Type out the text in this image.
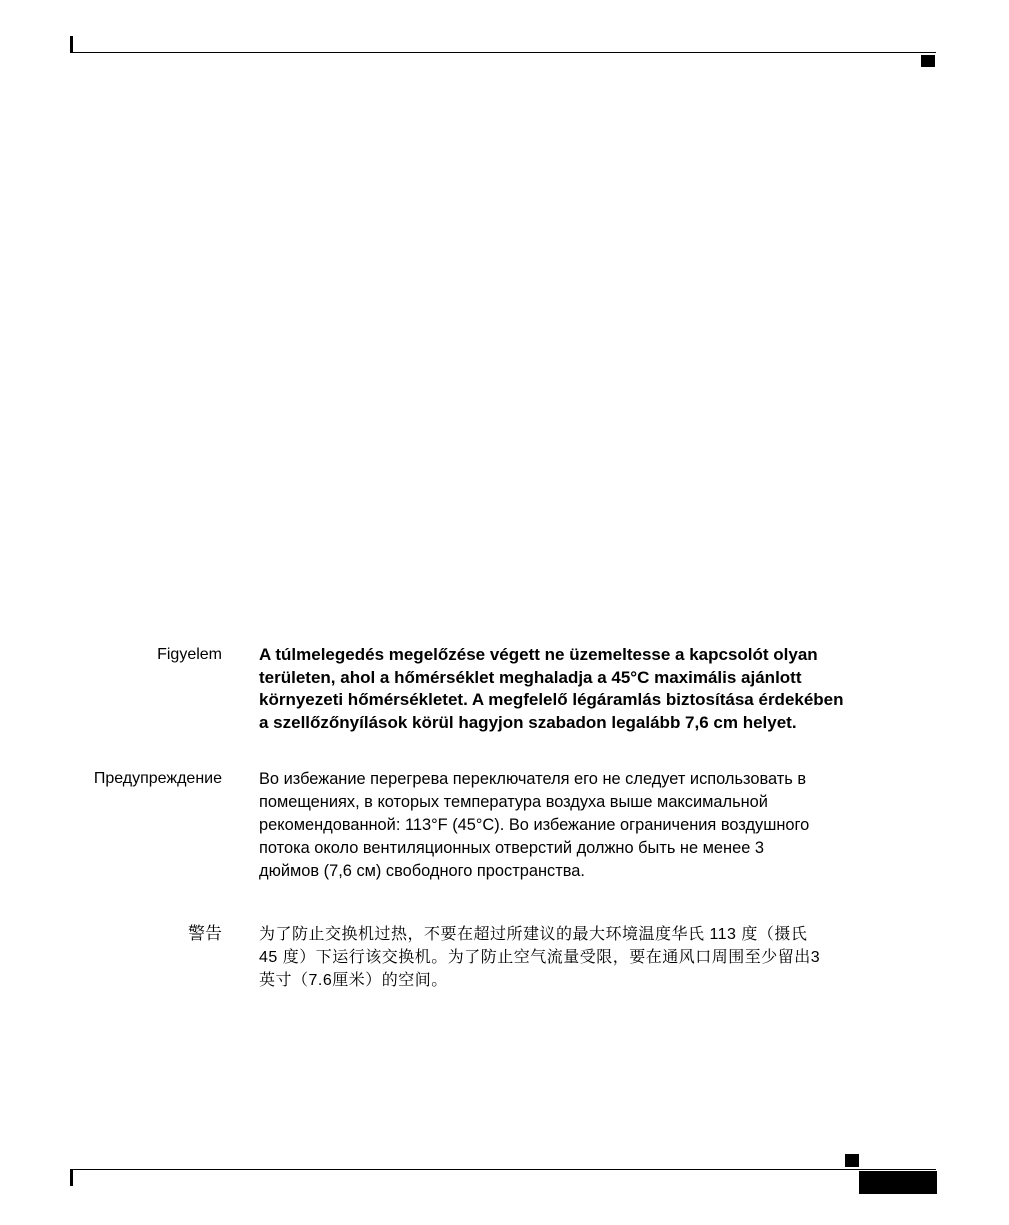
Figyelem A túlmelegedés megelőzése végett ne üzemeltesse a kapcsolót olyan
területen, ahol a hőmérséklet meghaladja a 45°C maximális ajánlott
környezeti hőmérsékletet. A megfelelő légáramlás biztosítása érdekében
a szellőzőnyílások körül hagyjon szabadon legalább 7,6 cm helyet.
Предупреждение Во избежание перегрева переключателя его не следует использовать в
помещениях, в которых температура воздуха выше максимальной
рекомендованной: 113°F (45°C). Во избежание ограничения воздушного
потока около вентиляционных отверстий должно быть не менее 3
дюймов (7,6 см) свободного пространства.
警告 为了防止交换机过热，不要在超过所建议的最大环境温度华氏 113 度（摄氏
45 度）下运行该交换机。为了防止空气流量受限，要在通风口周围至少留出3
英寸（7.6厘米）的空间。
